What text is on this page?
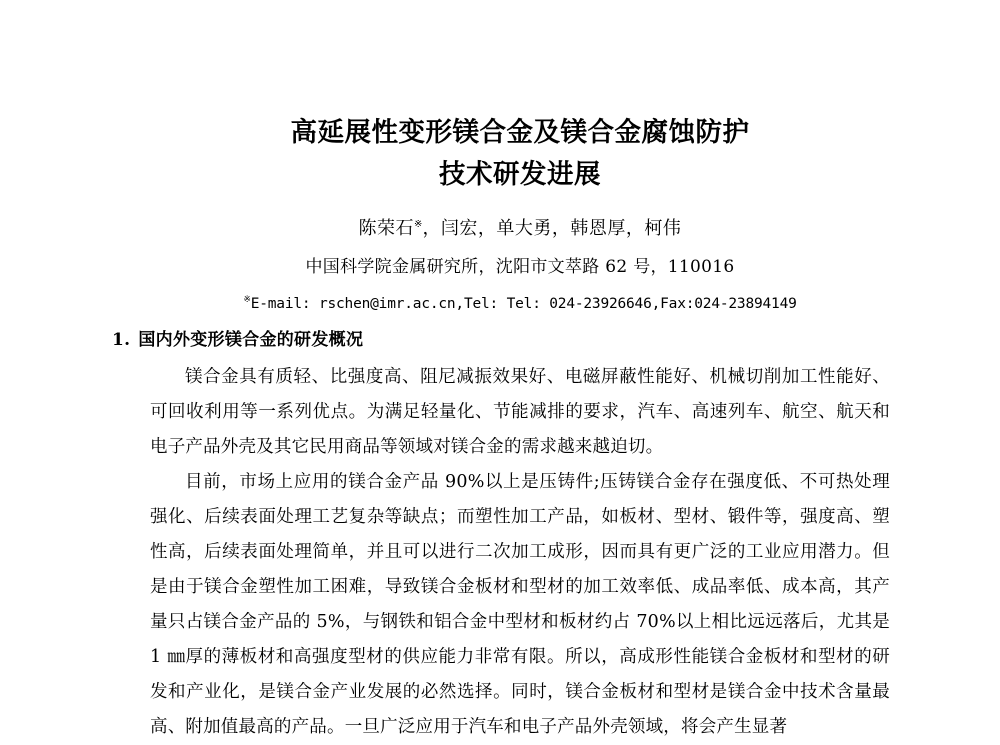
高延展性变形镁合金及镁合金腐蚀防护
技术研发进展
陈荣石※，闫宏，单大勇，韩恩厚，柯伟
中国科学院金属研究所，沈阳市文萃路 62 号，110016
※E-mail: rschen@imr.ac.cn,Tel: Tel: 024-23926646,Fax:024-23894149
1. 国内外变形镁合金的研发概况

镁合金具有质轻、比强度高、阻尼减振效果好、电磁屏蔽性能好、机械切削加工性能好、可回收利用等一系列优点。为满足轻量化、节能减排的要求，汽车、高速列车、航空、航天和电子产品外壳及其它民用商品等领域对镁合金的需求越来越迫切。

目前，市场上应用的镁合金产品 90%以上是压铸件;压铸镁合金存在强度低、不可热处理强化、后续表面处理工艺复杂等缺点；而塑性加工产品，如板材、型材、锻件等，强度高、塑性高，后续表面处理简单，并且可以进行二次加工成形，因而具有更广泛的工业应用潜力。但是由于镁合金塑性加工困难，导致镁合金板材和型材的加工效率低、成品率低、成本高，其产量只占镁合金产品的 5%，与钢铁和铝合金中型材和板材约占 70%以上相比远远落后，尤其是 1 ㎜厚的薄板材和高强度型材的供应能力非常有限。所以，高成形性能镁合金板材和型材的研发和产业化，是镁合金产业发展的必然选择。同时，镁合金板材和型材是镁合金中技术含量最高、附加值最高的产品。一旦广泛应用于汽车和电子产品外壳领域，将会产生显著
